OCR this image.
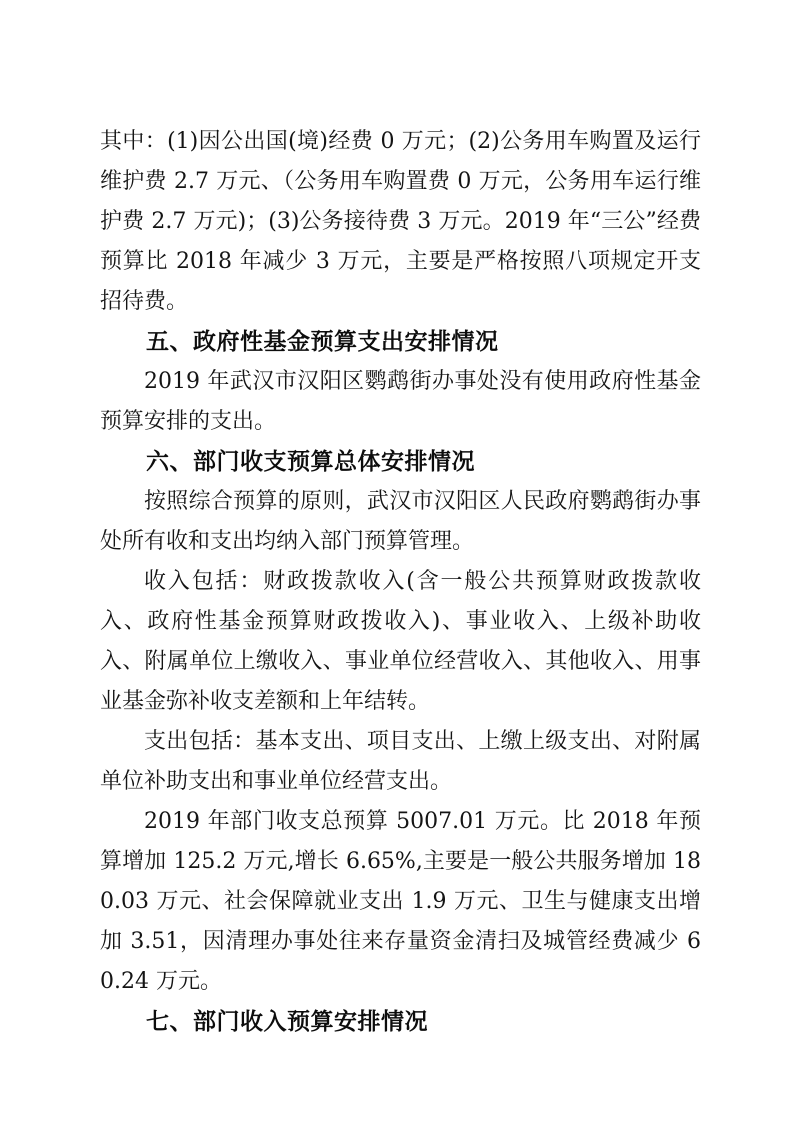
其中：(1)因公出国(境)经费 0 万元；(2)公务用车购置及运行维护费 2.7 万元、（公务用车购置费 0 万元，公务用车运行维护费 2.7 万元)；(3)公务接待费 3 万元。2019 年“三公”经费预算比 2018 年减少 3 万元，主要是严格按照八项规定开支招待费。

五、政府性基金预算支出安排情况

2019 年武汉市汉阳区鹦鹉街办事处没有使用政府性基金预算安排的支出。

六、部门收支预算总体安排情况

按照综合预算的原则，武汉市汉阳区人民政府鹦鹉街办事处所有收和支出均纳入部门预算管理。

收入包括：财政拨款收入(含一般公共预算财政拨款收入、政府性基金预算财政拨收入)、事业收入、上级补助收入、附属单位上缴收入、事业单位经营收入、其他收入、用事业基金弥补收支差额和上年结转。

支出包括：基本支出、项目支出、上缴上级支出、对附属单位补助支出和事业单位经营支出。

2019 年部门收支总预算 5007.01 万元。比 2018 年预算增加 125.2 万元,增长 6.65%,主要是一般公共服务增加 180.03 万元、社会保障就业支出 1.9 万元、卫生与健康支出增加 3.51，因清理办事处往来存量资金清扫及城管经费减少 60.24 万元。

七、部门收入预算安排情况
